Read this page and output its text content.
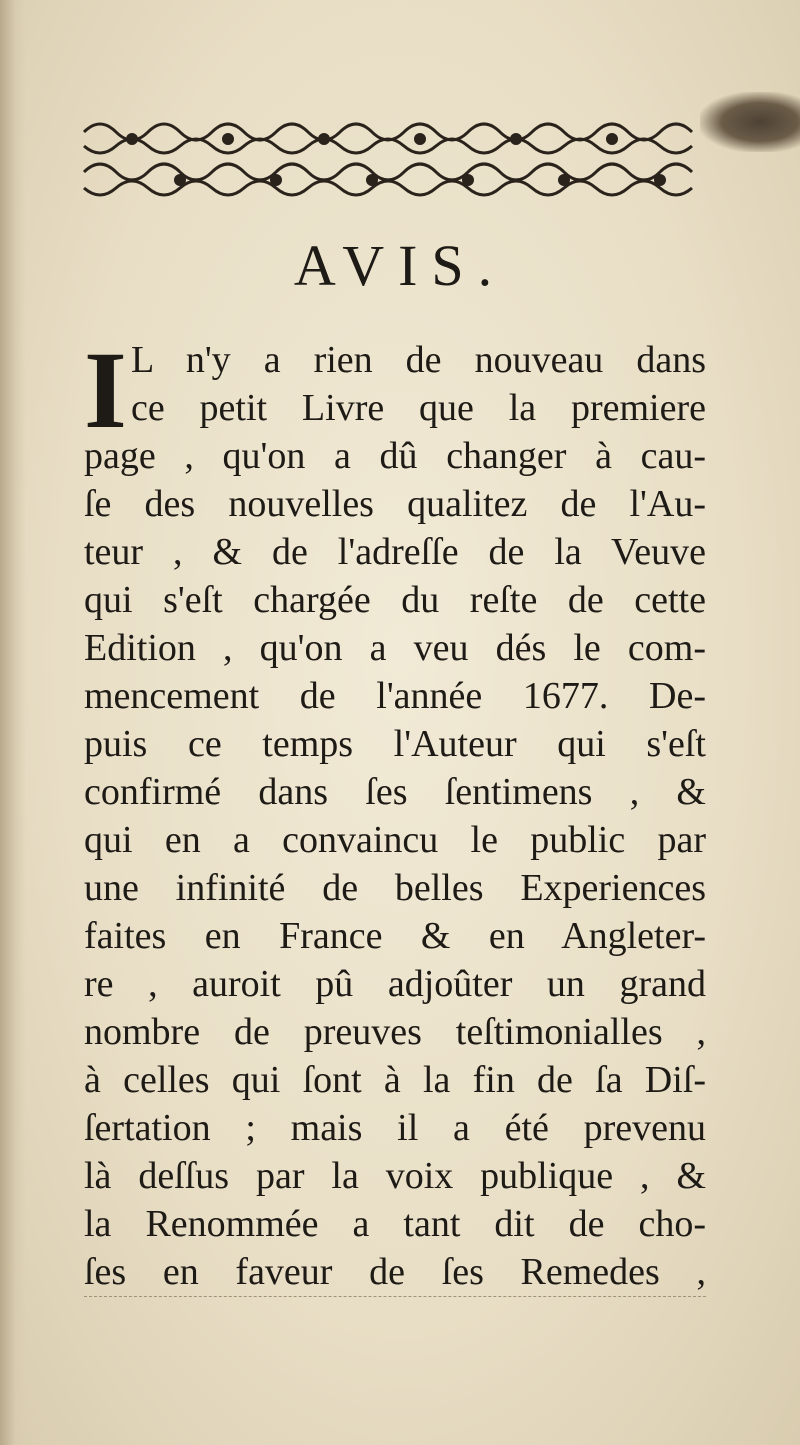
AVIS.
I L n'y a rien de nouveau dans
ce petit Livre que la premiere
page , qu'on a dû changer à cau-
ſe des nouvelles qualitez de l'Au-
teur , & de l'adreſſe de la Veuve
qui s'eſt chargée du reſte de cette
Edition , qu'on a veu dés le com-
mencement de l'année 1677. De-
puis ce temps l'Auteur qui s'eſt
confirmé dans ſes ſentimens , &
qui en a convaincu le public par
une infinité de belles Experiences
faites en France & en Angleter-
re , auroit pû adjoûter un grand
nombre de preuves teſtimonialles ,
à celles qui ſont à la fin de ſa Diſ-
ſertation ; mais il a été prevenu
là deſſus par la voix publique , &
la Renommée a tant dit de cho-
ſes en faveur de ſes Remedes ,
